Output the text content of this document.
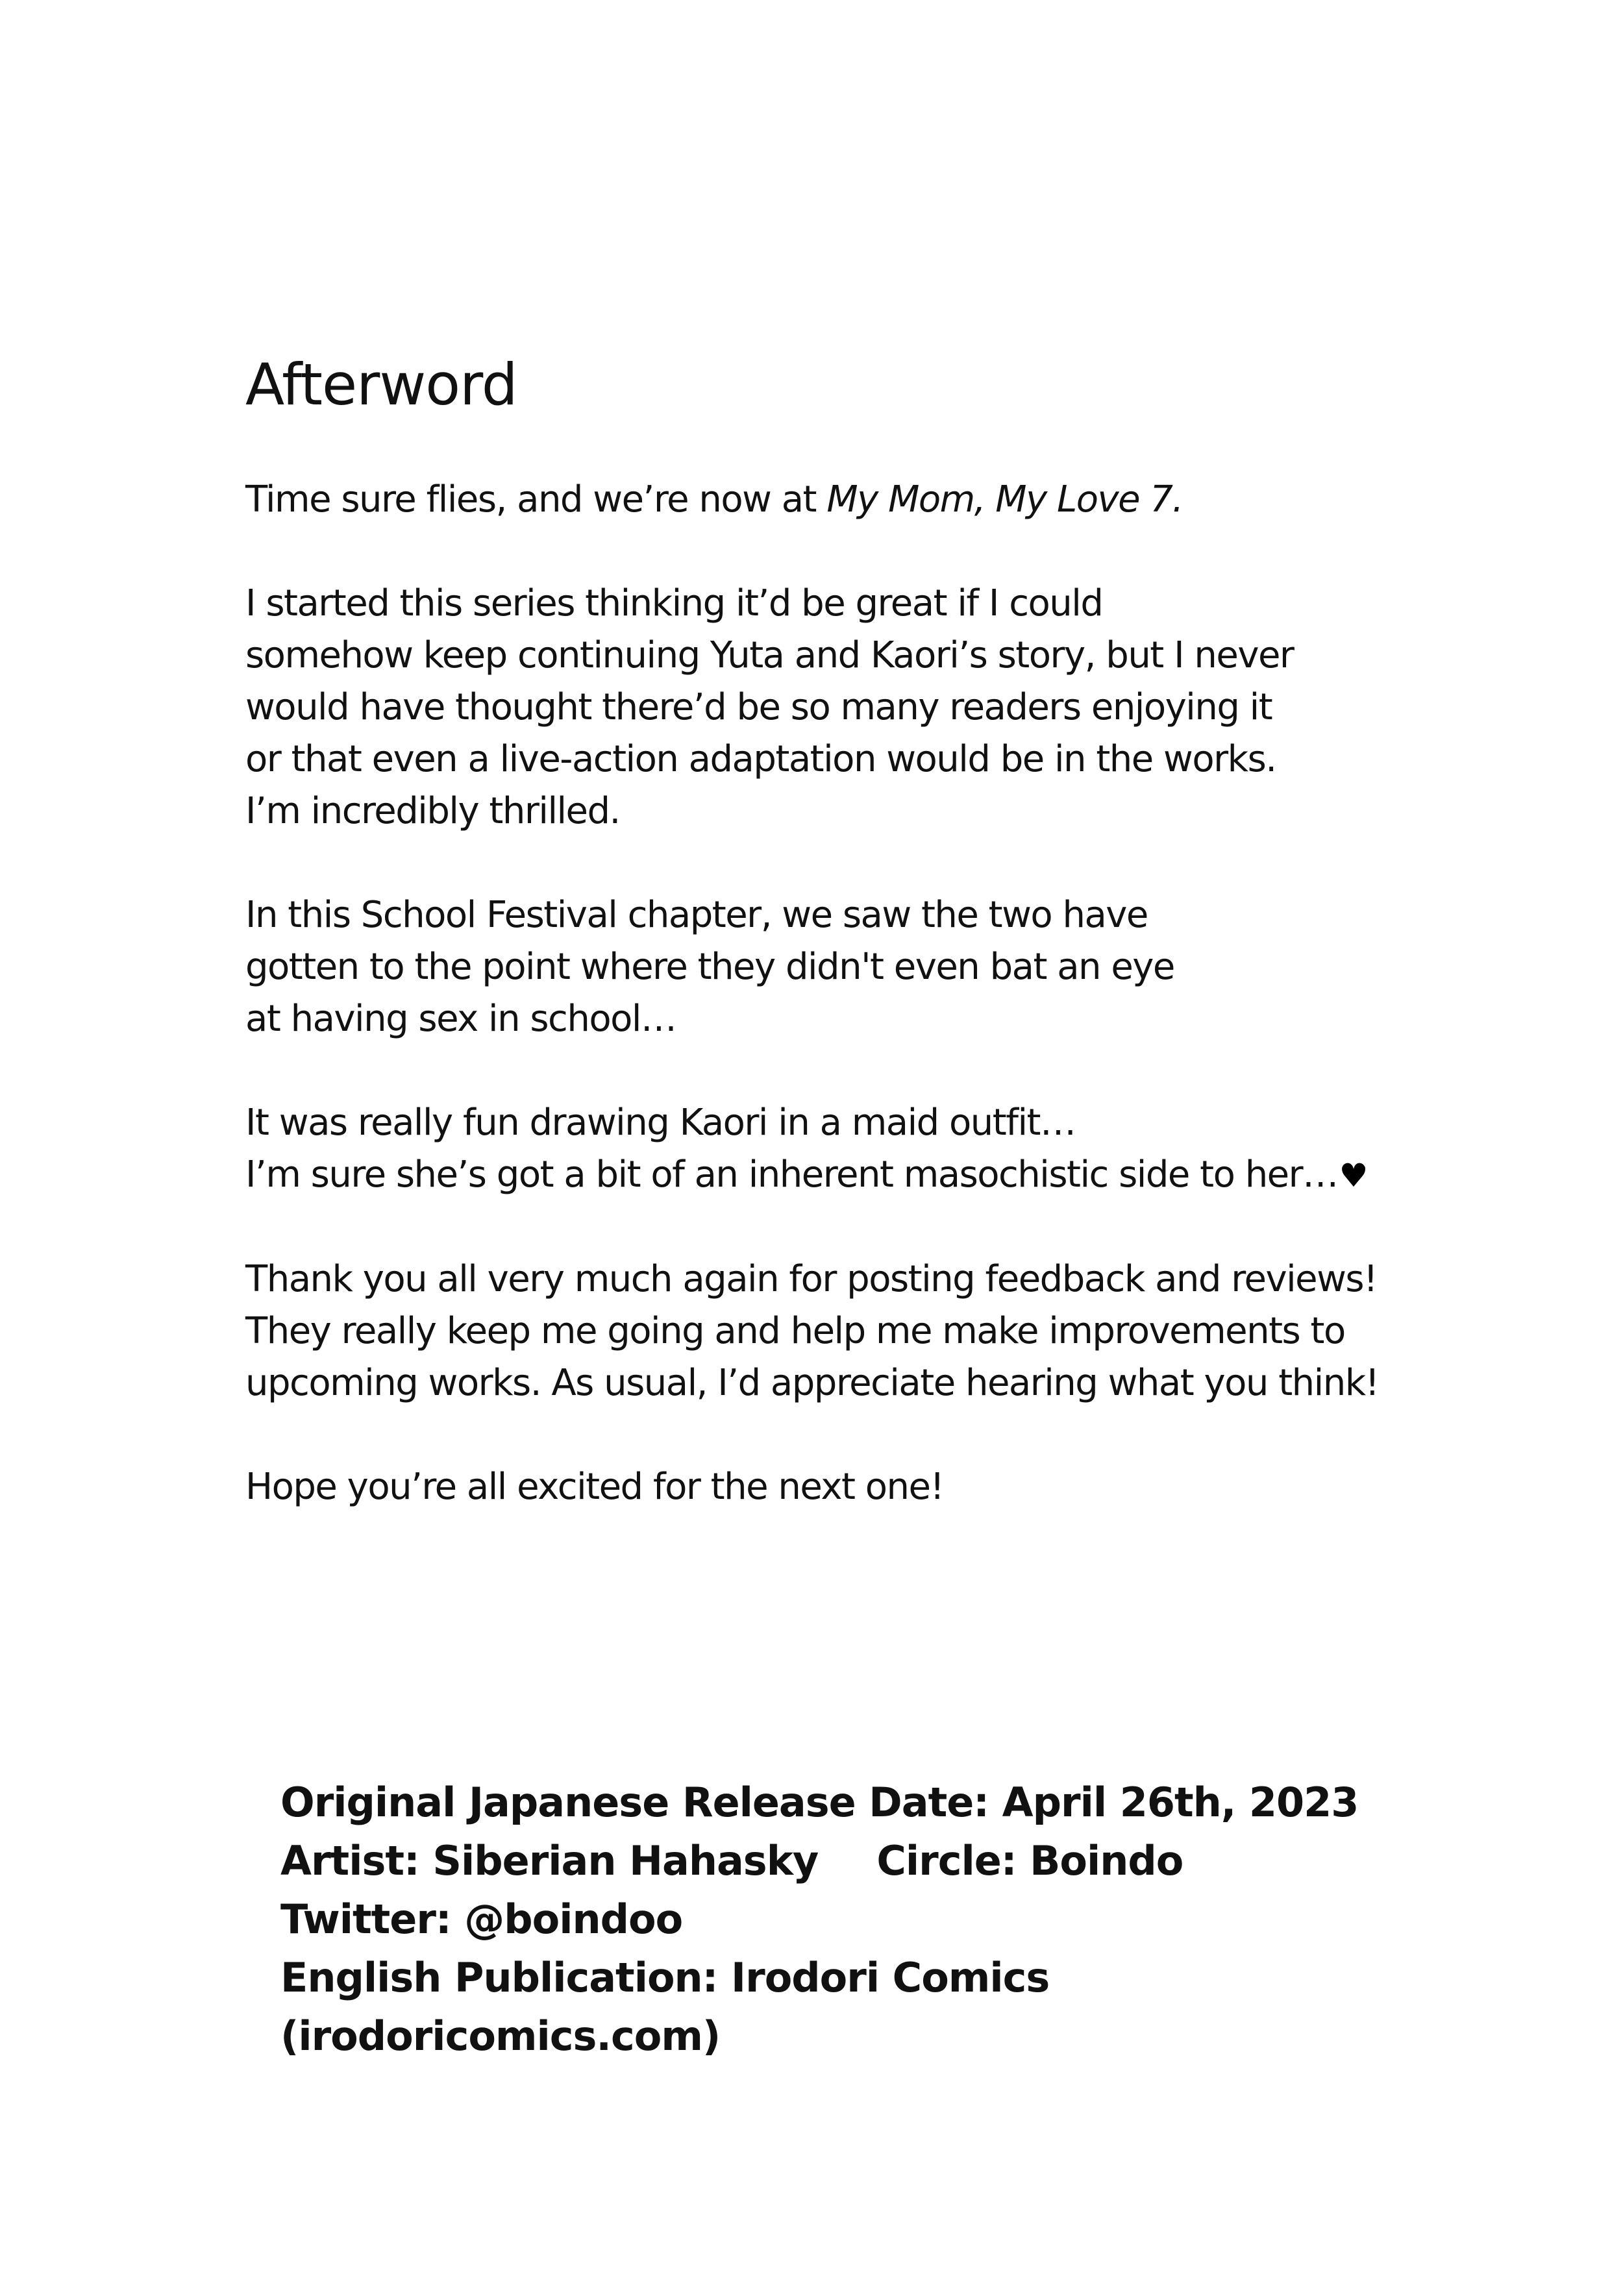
Afterword

Time sure flies, and we’re now at My Mom, My Love 7.

I started this series thinking it’d be great if I could
somehow keep continuing Yuta and Kaori’s story, but I never
would have thought there’d be so many readers enjoying it
or that even a live-action adaptation would be in the works.
I’m incredibly thrilled.

In this School Festival chapter, we saw the two have
gotten to the point where they didn't even bat an eye
at having sex in school…

It was really fun drawing Kaori in a maid outfit…
I’m sure she’s got a bit of an inherent masochistic side to her…♥

Thank you all very much again for posting feedback and reviews!
They really keep me going and help me make improvements to
upcoming works. As usual, I’d appreciate hearing what you think!

Hope you’re all excited for the next one!

Original Japanese Release Date: April 26th, 2023
Artist: Siberian Hahasky Circle: Boindo
Twitter: @boindoo
English Publication: Irodori Comics
(irodoricomics.com)
